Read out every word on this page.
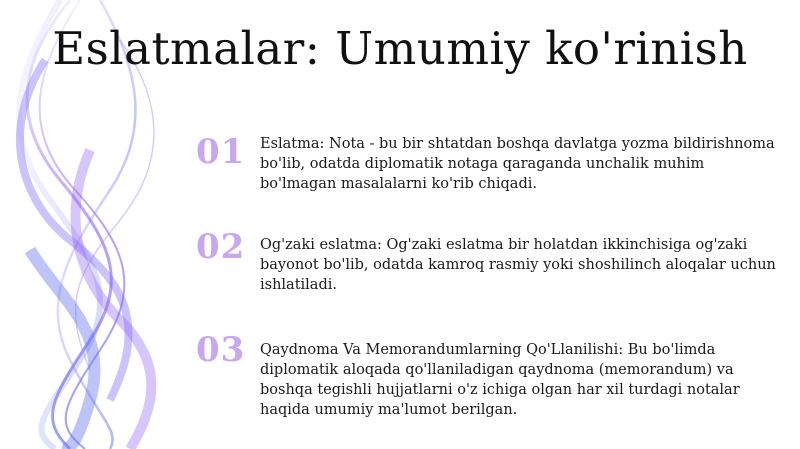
Eslatmalar: Umumiy ko'rinish
01	Eslatma: Nota - bu bir shtatdan boshqa davlatga yozma bildirishnoma bo'lib, odatda diplomatik notaga qaraganda unchalik muhim bo'lmagan masalalarni ko'rib chiqadi.
02	Og'zaki eslatma: Og'zaki eslatma bir holatdan ikkinchisiga og'zaki bayonot bo'lib, odatda kamroq rasmiy yoki shoshilinch aloqalar uchun ishlatiladi.
03	Qaydnoma Va Memorandumlarning Qo'Llanilishi: Bu bo'limda diplomatik aloqada qo'llaniladigan qaydnoma (memorandum) va boshqa tegishli hujjatlarni o'z ichiga olgan har xil turdagi notalar haqida umumiy ma'lumot berilgan.
